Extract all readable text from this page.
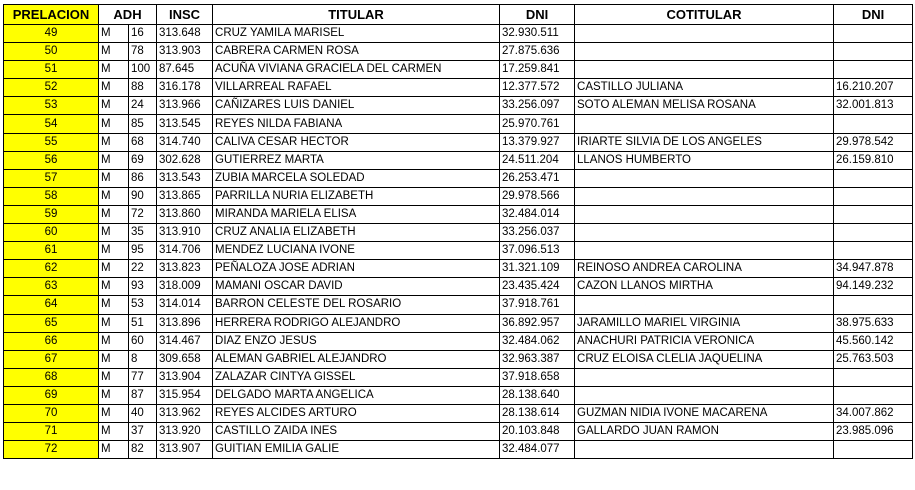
PRELACION	ADH		INSC	TITULAR	DNI	COTITULAR	DNI
49	M	16	313.648	CRUZ YAMILA MARISEL	32.930.511		
50	M	78	313.903	CABRERA CARMEN ROSA	27.875.636		
51	M	100	87.645	ACUÑA VIVIANA GRACIELA DEL CARMEN	17.259.841		
52	M	88	316.178	VILLARREAL RAFAEL	12.377.572	CASTILLO JULIANA	16.210.207
53	M	24	313.966	CAÑIZARES LUIS DANIEL	33.256.097	SOTO ALEMAN MELISA ROSANA	32.001.813
54	M	85	313.545	REYES NILDA FABIANA	25.970.761		
55	M	68	314.740	CALIVA CESAR HECTOR	13.379.927	IRIARTE SILVIA DE LOS ANGELES	29.978.542
56	M	69	302.628	GUTIERREZ MARTA	24.511.204	LLANOS HUMBERTO	26.159.810
57	M	86	313.543	ZUBIA MARCELA SOLEDAD	26.253.471		
58	M	90	313.865	PARRILLA NURIA ELIZABETH	29.978.566		
59	M	72	313.860	MIRANDA MARIELA ELISA	32.484.014		
60	M	35	313.910	CRUZ ANALIA ELIZABETH	33.256.037		
61	M	95	314.706	MENDEZ LUCIANA IVONE	37.096.513		
62	M	22	313.823	PEÑALOZA JOSE ADRIAN	31.321.109	REINOSO ANDREA CAROLINA	34.947.878
63	M	93	318.009	MAMANI OSCAR DAVID	23.435.424	CAZON LLANOS MIRTHA	94.149.232
64	M	53	314.014	BARRON CELESTE DEL ROSARIO	37.918.761		
65	M	51	313.896	HERRERA RODRIGO ALEJANDRO	36.892.957	JARAMILLO MARIEL VIRGINIA	38.975.633
66	M	60	314.467	DIAZ ENZO JESUS	32.484.062	ANACHURI PATRICIA VERONICA	45.560.142
67	M	8	309.658	ALEMAN GABRIEL ALEJANDRO	32.963.387	CRUZ ELOISA CLELIA JAQUELINA	25.763.503
68	M	77	313.904	ZALAZAR CINTYA GISSEL	37.918.658		
69	M	87	315.954	DELGADO MARTA ANGELICA	28.138.640		
70	M	40	313.962	REYES ALCIDES ARTURO	28.138.614	GUZMAN NIDIA IVONE MACARENA	34.007.862
71	M	37	313.920	CASTILLO ZAIDA INES	20.103.848	GALLARDO JUAN RAMON	23.985.096
72	M	82	313.907	GUITIAN EMILIA GALIE	32.484.077		
